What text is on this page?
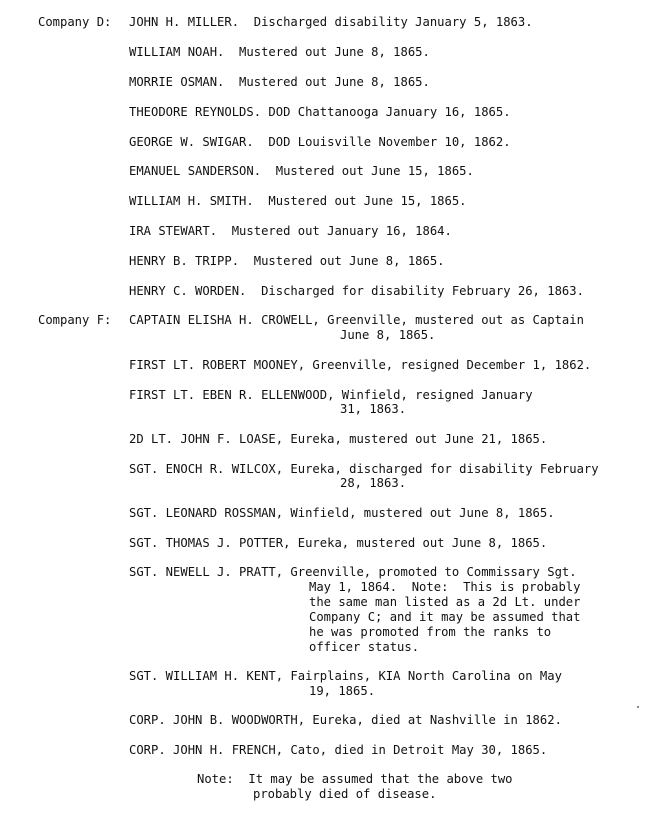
Company D: JOHN H. MILLER.  Discharged disability January 5, 1863.
WILLIAM NOAH.  Mustered out June 8, 1865.
MORRIE OSMAN.  Mustered out June 8, 1865.
THEODORE REYNOLDS. DOD Chattanooga January 16, 1865.
GEORGE W. SWIGAR.  DOD Louisville November 10, 1862.
EMANUEL SANDERSON.  Mustered out June 15, 1865.
WILLIAM H. SMITH.  Mustered out June 15, 1865.
IRA STEWART.  Mustered out January 16, 1864.
HENRY B. TRIPP.  Mustered out June 8, 1865.
HENRY C. WORDEN.  Discharged for disability February 26, 1863.
Company F: CAPTAIN ELISHA H. CROWELL, Greenville, mustered out as Captain
June 8, 1865.
FIRST LT. ROBERT MOONEY, Greenville, resigned December 1, 1862.
FIRST LT. EBEN R. ELLENWOOD, Winfield, resigned January
31, 1863.
2D LT. JOHN F. LOASE, Eureka, mustered out June 21, 1865.
SGT. ENOCH R. WILCOX, Eureka, discharged for disability February
28, 1863.
SGT. LEONARD ROSSMAN, Winfield, mustered out June 8, 1865.
SGT. THOMAS J. POTTER, Eureka, mustered out June 8, 1865.
SGT. NEWELL J. PRATT, Greenville, promoted to Commissary Sgt.
May 1, 1864.  Note:  This is probably
the same man listed as a 2d Lt. under
Company C; and it may be assumed that
he was promoted from the ranks to
officer status.
SGT. WILLIAM H. KENT, Fairplains, KIA North Carolina on May
19, 1865.
CORP. JOHN B. WOODWORTH, Eureka, died at Nashville in 1862.
CORP. JOHN H. FRENCH, Cato, died in Detroit May 30, 1865.
Note:  It may be assumed that the above two
probably died of disease.
